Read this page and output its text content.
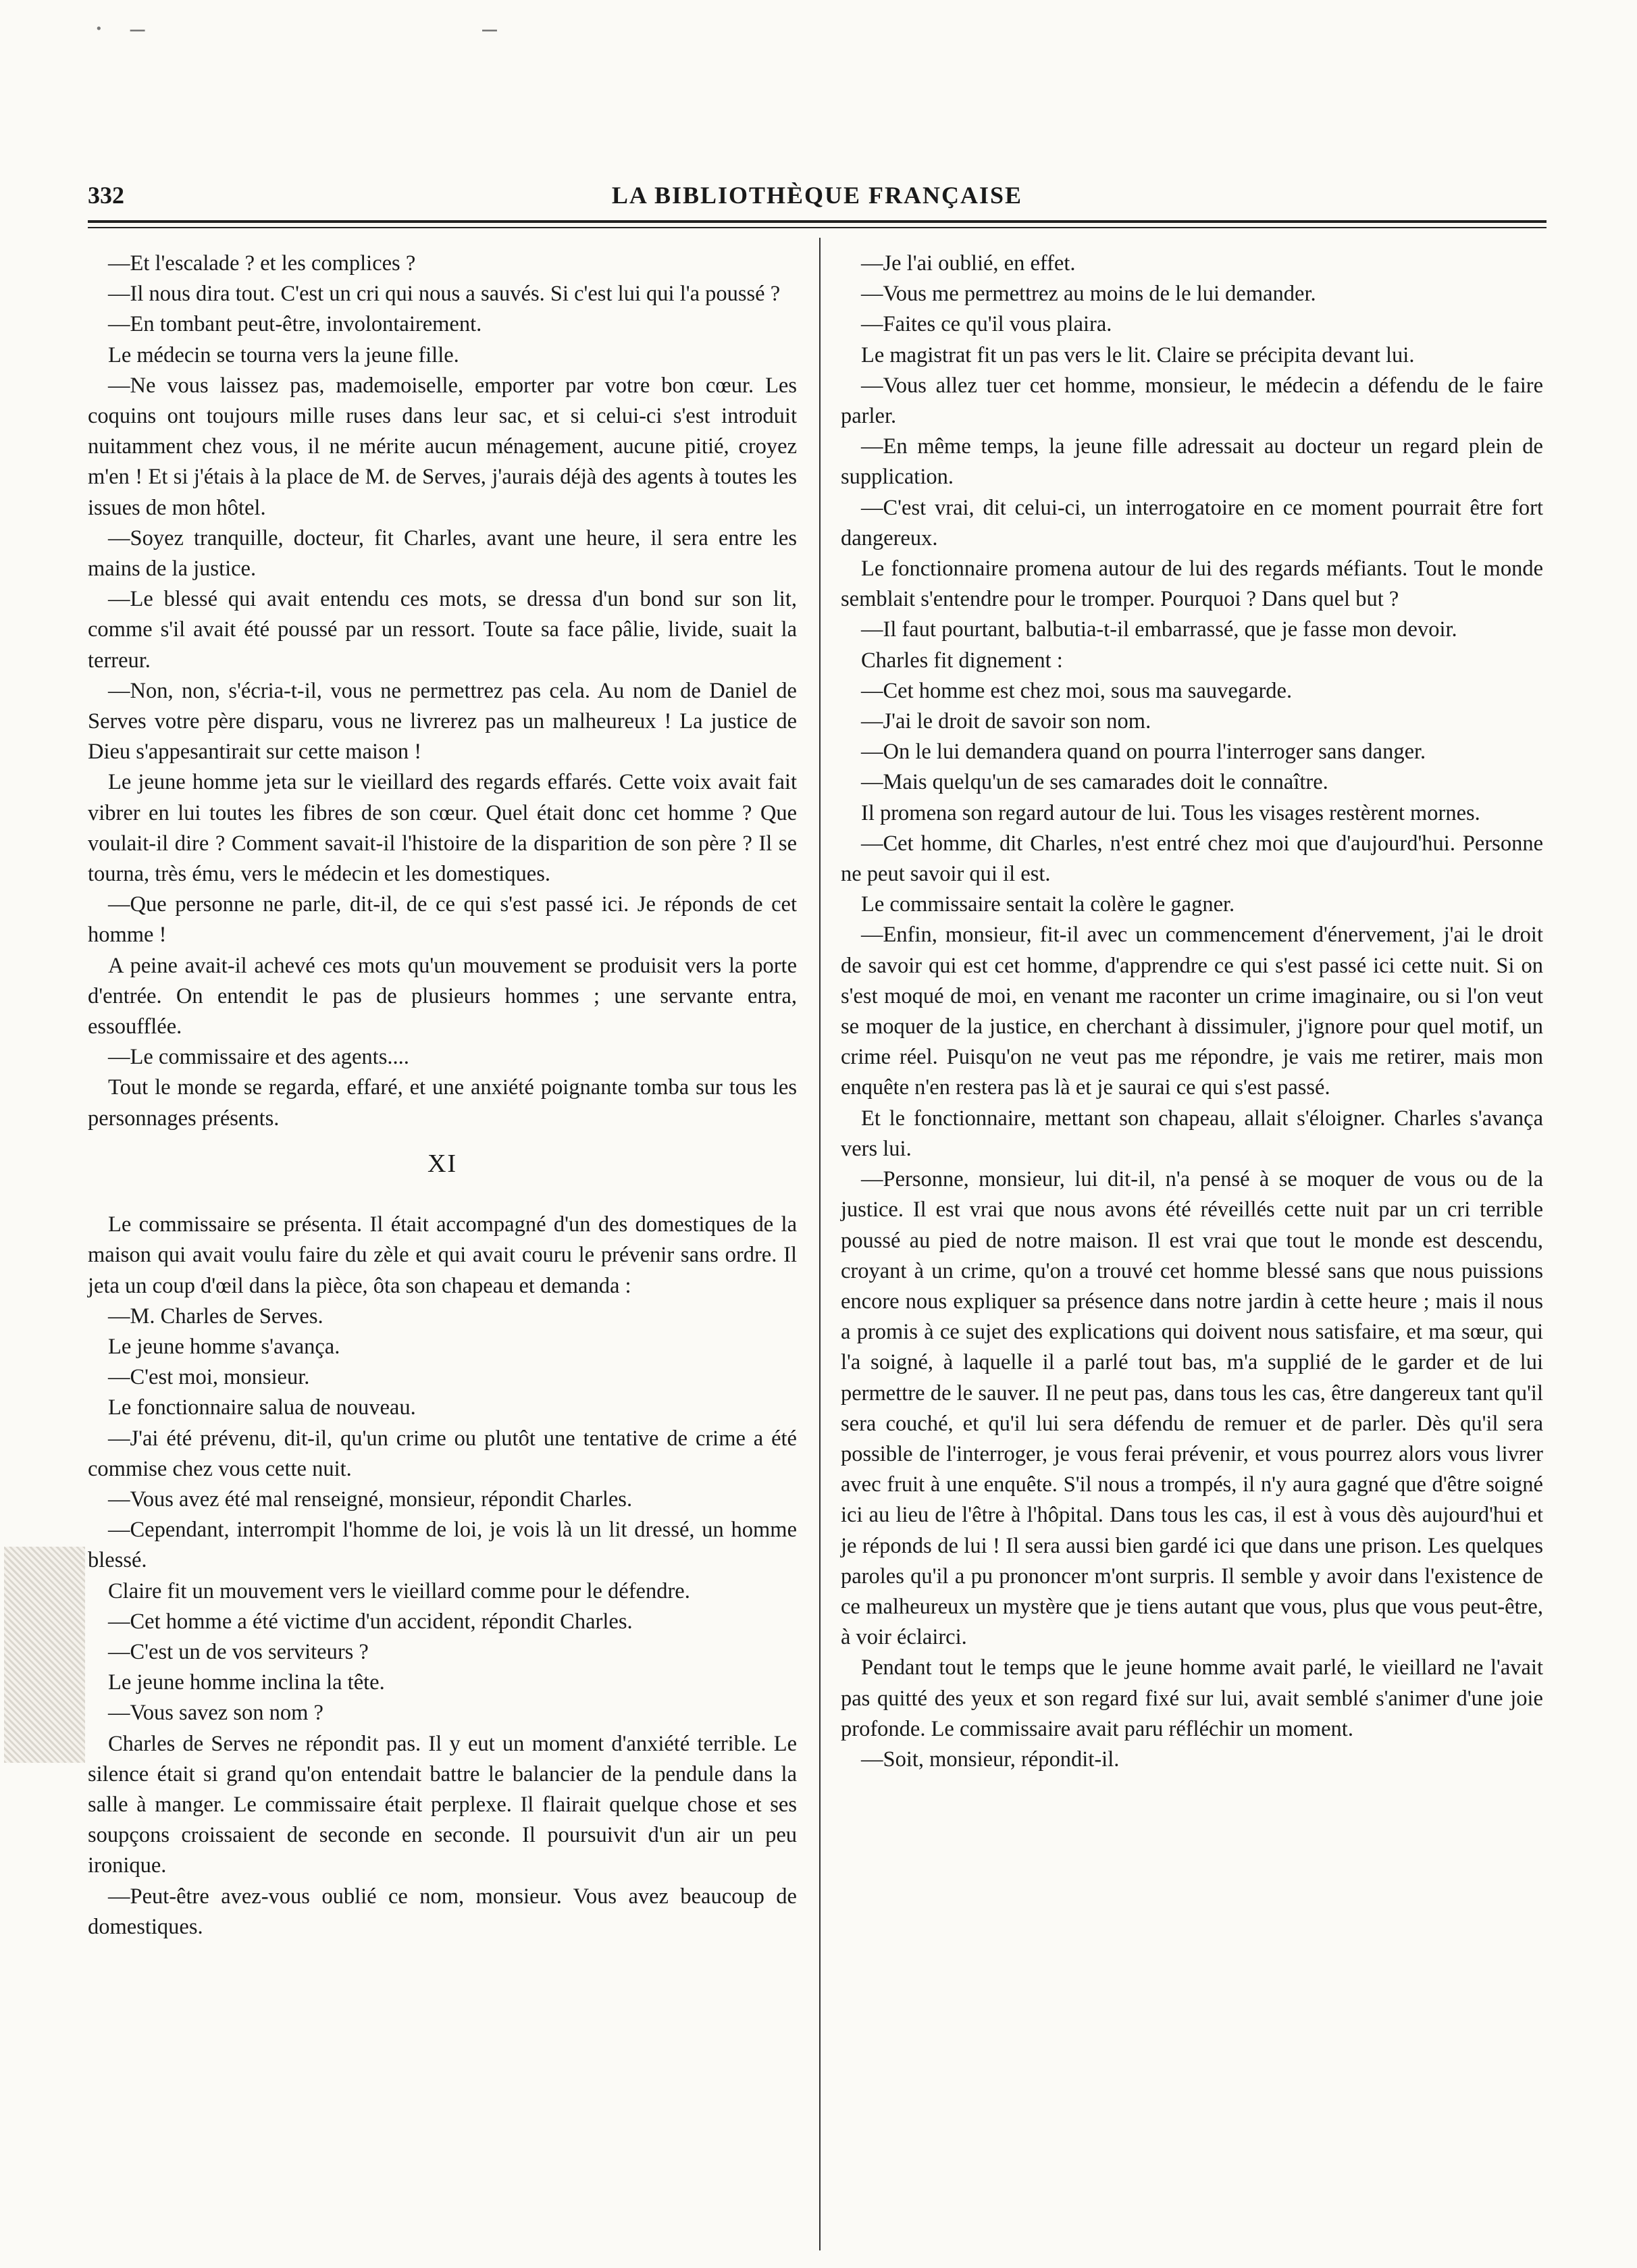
·   ‒                                       ‒
LA BIBLIOTHÈQUE FRANÇAISE
332

—Et l'escalade ? et les complices ?

—Il nous dira tout. C'est un cri qui nous a sauvés. Si c'est lui qui l'a poussé ?

—En tombant peut-être, involontairement.

Le médecin se tourna vers la jeune fille.

—Ne vous laissez pas, mademoiselle, emporter par votre bon cœur. Les coquins ont toujours mille ruses dans leur sac, et si celui-ci s'est introduit nuitamment chez vous, il ne mérite aucun ménagement, aucune pitié, croyez m'en ! Et si j'étais à la place de M. de Serves, j'aurais déjà des agents à toutes les issues de mon hôtel.

—Soyez tranquille, docteur, fit Charles, avant une heure, il sera entre les mains de la justice.

—Le blessé qui avait entendu ces mots, se dressa d'un bond sur son lit, comme s'il avait été poussé par un ressort. Toute sa face pâlie, livide, suait la terreur.

—Non, non, s'écria-t-il, vous ne permettrez pas cela. Au nom de Daniel de Serves votre père disparu, vous ne livrerez pas un malheureux ! La justice de Dieu s'appesantirait sur cette maison !

Le jeune homme jeta sur le vieillard des regards effarés. Cette voix avait fait vibrer en lui toutes les fibres de son cœur. Quel était donc cet homme ? Que voulait-il dire ? Comment savait-il l'histoire de la disparition de son père ? Il se tourna, très ému, vers le médecin et les domestiques.

—Que personne ne parle, dit-il, de ce qui s'est passé ici. Je réponds de cet homme !

A peine avait-il achevé ces mots qu'un mouvement se produisit vers la porte d'entrée. On entendit le pas de plusieurs hommes ; une servante entra, essoufflée.

—Le commissaire et des agents....

Tout le monde se regarda, effaré, et une anxiété poignante tomba sur tous les personnages présents.

XI

Le commissaire se présenta. Il était accompagné d'un des domestiques de la maison qui avait voulu faire du zèle et qui avait couru le prévenir sans ordre. Il jeta un coup d'œil dans la pièce, ôta son chapeau et demanda :

—M. Charles de Serves.

Le jeune homme s'avança.

—C'est moi, monsieur.

Le fonctionnaire salua de nouveau.

—J'ai été prévenu, dit-il, qu'un crime ou plutôt une tentative de crime a été commise chez vous cette nuit.

—Vous avez été mal renseigné, monsieur, répondit Charles.

—Cependant, interrompit l'homme de loi, je vois là un lit dressé, un homme blessé.

Claire fit un mouvement vers le vieillard comme pour le défendre.

—Cet homme a été victime d'un accident, répondit Charles.

—C'est un de vos serviteurs ?

Le jeune homme inclina la tête.

—Vous savez son nom ?

Charles de Serves ne répondit pas. Il y eut un moment d'anxiété terrible. Le silence était si grand qu'on entendait battre le balancier de la pendule dans la salle à manger. Le commissaire était perplexe. Il flairait quelque chose et ses soupçons croissaient de seconde en seconde. Il poursuivit d'un air un peu ironique.

—Peut-être avez-vous oublié ce nom, monsieur. Vous avez beaucoup de domestiques.

—Je l'ai oublié, en effet.

—Vous me permettrez au moins de le lui demander.

—Faites ce qu'il vous plaira.

Le magistrat fit un pas vers le lit. Claire se précipita devant lui.

—Vous allez tuer cet homme, monsieur, le médecin a défendu de le faire parler.

—En même temps, la jeune fille adressait au docteur un regard plein de supplication.

—C'est vrai, dit celui-ci, un interrogatoire en ce moment pourrait être fort dangereux.

Le fonctionnaire promena autour de lui des regards méfiants. Tout le monde semblait s'entendre pour le tromper. Pourquoi ? Dans quel but ?

—Il faut pourtant, balbutia-t-il embarrassé, que je fasse mon devoir.

Charles fit dignement :

—Cet homme est chez moi, sous ma sauvegarde.

—J'ai le droit de savoir son nom.

—On le lui demandera quand on pourra l'interroger sans danger.

—Mais quelqu'un de ses camarades doit le connaître.

Il promena son regard autour de lui. Tous les visages restèrent mornes.

—Cet homme, dit Charles, n'est entré chez moi que d'aujourd'hui. Personne ne peut savoir qui il est.

Le commissaire sentait la colère le gagner.

—Enfin, monsieur, fit-il avec un commencement d'énervement, j'ai le droit de savoir qui est cet homme, d'apprendre ce qui s'est passé ici cette nuit. Si on s'est moqué de moi, en venant me raconter un crime imaginaire, ou si l'on veut se moquer de la justice, en cherchant à dissimuler, j'ignore pour quel motif, un crime réel. Puisqu'on ne veut pas me répondre, je vais me retirer, mais mon enquête n'en restera pas là et je saurai ce qui s'est passé.

Et le fonctionnaire, mettant son chapeau, allait s'éloigner. Charles s'avança vers lui.

—Personne, monsieur, lui dit-il, n'a pensé à se moquer de vous ou de la justice. Il est vrai que nous avons été réveillés cette nuit par un cri terrible poussé au pied de notre maison. Il est vrai que tout le monde est descendu, croyant à un crime, qu'on a trouvé cet homme blessé sans que nous puissions encore nous expliquer sa présence dans notre jardin à cette heure ; mais il nous a promis à ce sujet des explications qui doivent nous satisfaire, et ma sœur, qui l'a soigné, à laquelle il a parlé tout bas, m'a supplié de le garder et de lui permettre de le sauver. Il ne peut pas, dans tous les cas, être dangereux tant qu'il sera couché, et qu'il lui sera défendu de remuer et de parler. Dès qu'il sera possible de l'interroger, je vous ferai prévenir, et vous pourrez alors vous livrer avec fruit à une enquête. S'il nous a trompés, il n'y aura gagné que d'être soigné ici au lieu de l'être à l'hôpital. Dans tous les cas, il est à vous dès aujourd'hui et je réponds de lui ! Il sera aussi bien gardé ici que dans une prison. Les quelques paroles qu'il a pu prononcer m'ont surpris. Il semble y avoir dans l'existence de ce malheureux un mystère que je tiens autant que vous, plus que vous peut-être, à voir éclairci.

Pendant tout le temps que le jeune homme avait parlé, le vieillard ne l'avait pas quitté des yeux et son regard fixé sur lui, avait semblé s'animer d'une joie profonde. Le commissaire avait paru réfléchir un moment.

—Soit, monsieur, répondit-il.
